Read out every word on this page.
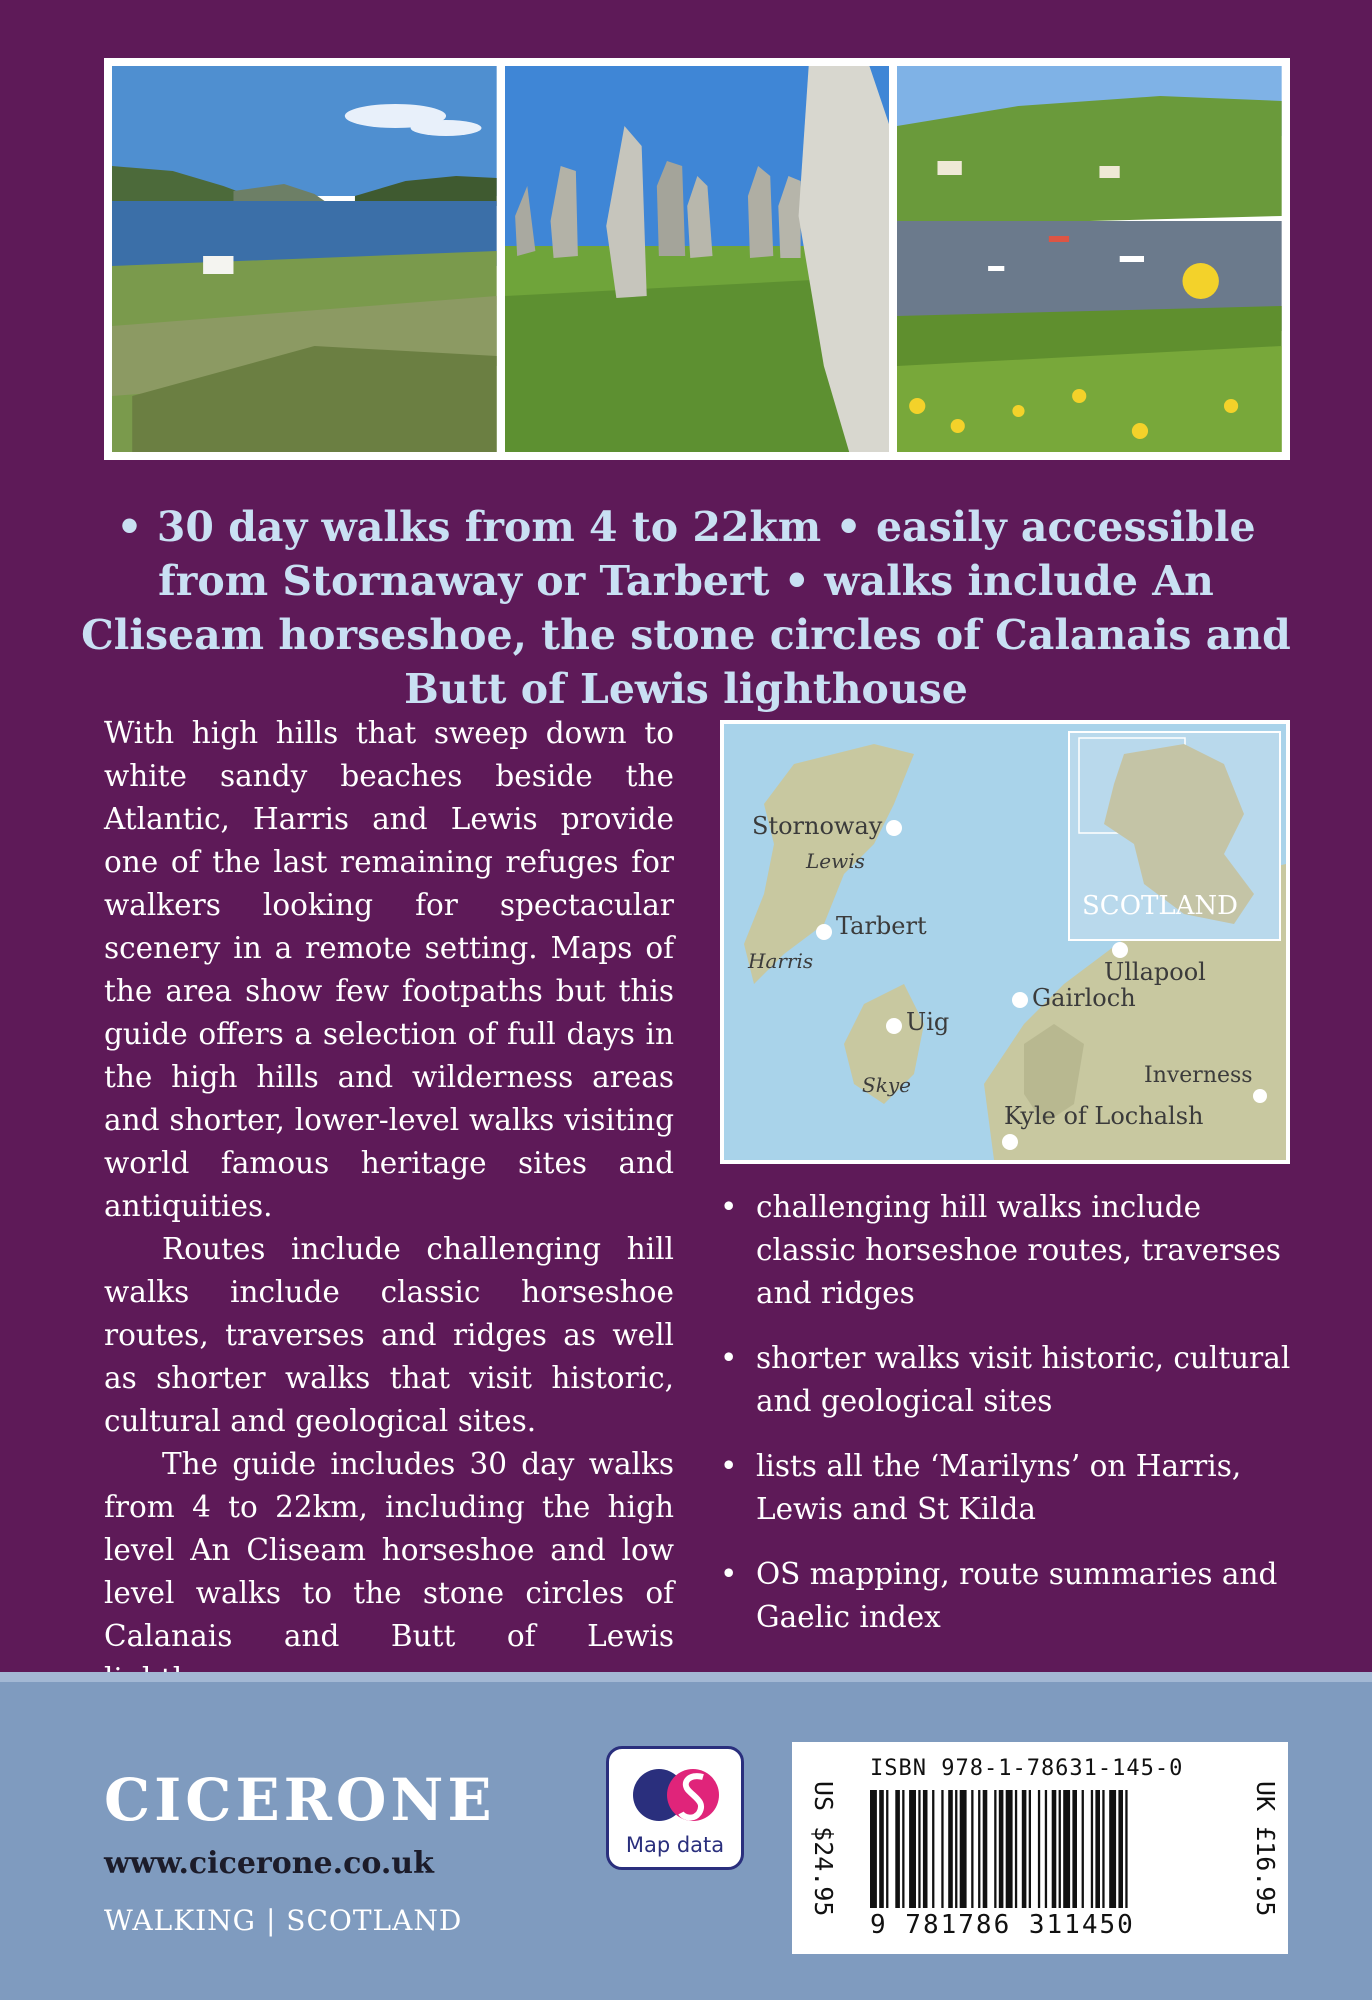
• 30 day walks from 4 to 22km • easily accessible from Stornaway or Tarbert • walks include An Cliseam horseshoe, the stone circles of Calanais and Butt of Lewis lighthouse

With high hills that sweep down to white sandy beaches beside the Atlantic, Harris and Lewis provide one of the last remaining refuges for walkers looking for spectacular scenery in a remote setting. Maps of the area show few footpaths but this guide offers a selection of full days in the high hills and wilderness areas and shorter, lower-level walks visiting world famous heritage sites and antiquities.

Routes include challenging hill walks include classic horseshoe routes, traverses and ridges as well as shorter walks that visit historic, cultural and geological sites.

The guide includes 30 day walks from 4 to 22km, including the high level An Cliseam horseshoe and low level walks to the stone circles of Calanais and Butt of Lewis

SCOTLAND
Stornoway
Lewis
Tarbert
Harris
Uig
Skye
Ullapool
Gairloch
Inverness
Kyle of Lochalsh
• challenging hill walks include classic horseshoe routes, traverses and ridges
• shorter walks visit historic, cultural and geological sites
• lists all the ‘Marilyns’ on Harris, Lewis and St Kilda
• OS mapping, route summaries and Gaelic index
CICERONE
www.cicerone.co.uk
WALKING | SCOTLAND
Map data	US $24.95
ISBN 978-1-78631-145-0
9 781786 311450
UK £16.95
